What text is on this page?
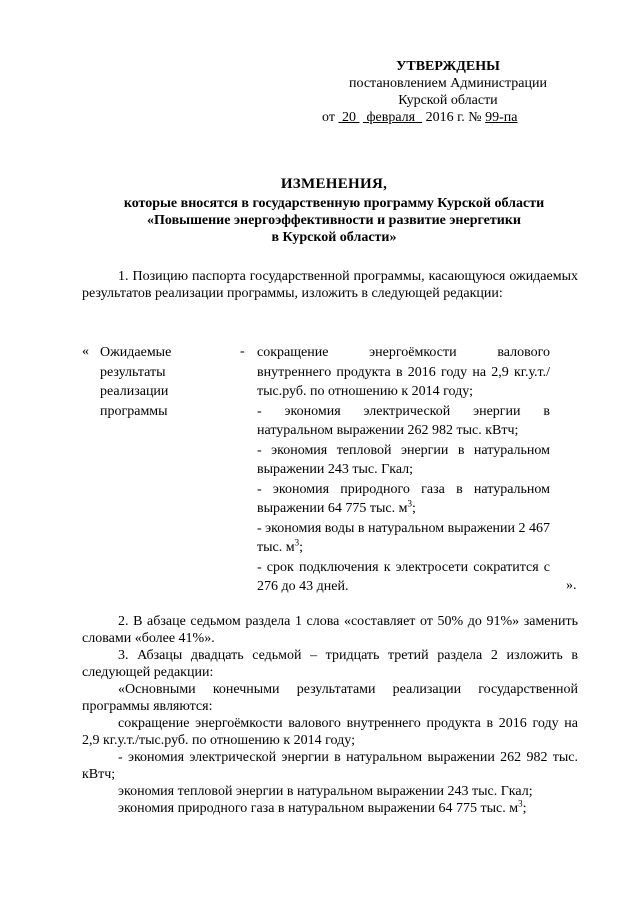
УТВЕРЖДЕНЫ
постановлением Администрации
Курской области
от 20 февраля 2016 г. № 99-па
ИЗМЕНЕНИЯ,
которые вносятся в государственную программу Курской области
«Повышение энергоэффективности и развитие энергетики
в Курской области»
1. Позицию паспорта государственной программы, касающуюся ожидаемых результатов реализации программы, изложить в следующей редакции:
« Ожидаемые
результаты
реализации
программы
- сокращение энергоёмкости валового внутреннего продукта в 2016 году на 2,9 кг.у.т./тыс.руб. по отношению к 2014 году;
- экономия электрической энергии в натуральном выражении 262 982 тыс. кВтч;
- экономия тепловой энергии в натуральном выражении 243 тыс. Гкал;
- экономия природного газа в натуральном выражении 64 775 тыс. $м^3$;
- экономия воды в натуральном выражении 2 467 тыс. $м^3$;
- срок подключения к электросети сократится с 276 до 43 дней.	».
2. В абзаце седьмом раздела 1 слова «составляет от 50% до 91%» заменить словами «более 41%».
3. Абзацы двадцать седьмой – тридцать третий раздела 2 изложить в следующей редакции:
«Основными конечными результатами реализации государственной программы являются:
сокращение энергоёмкости валового внутреннего продукта в 2016 году на 2,9 кг.у.т./тыс.руб. по отношению к 2014 году;
- экономия электрической энергии в натуральном выражении 262 982 тыс. кВтч;
экономия тепловой энергии в натуральном выражении 243 тыс. Гкал;
экономия природного газа в натуральном выражении 64 775 тыс. $м^3$;
